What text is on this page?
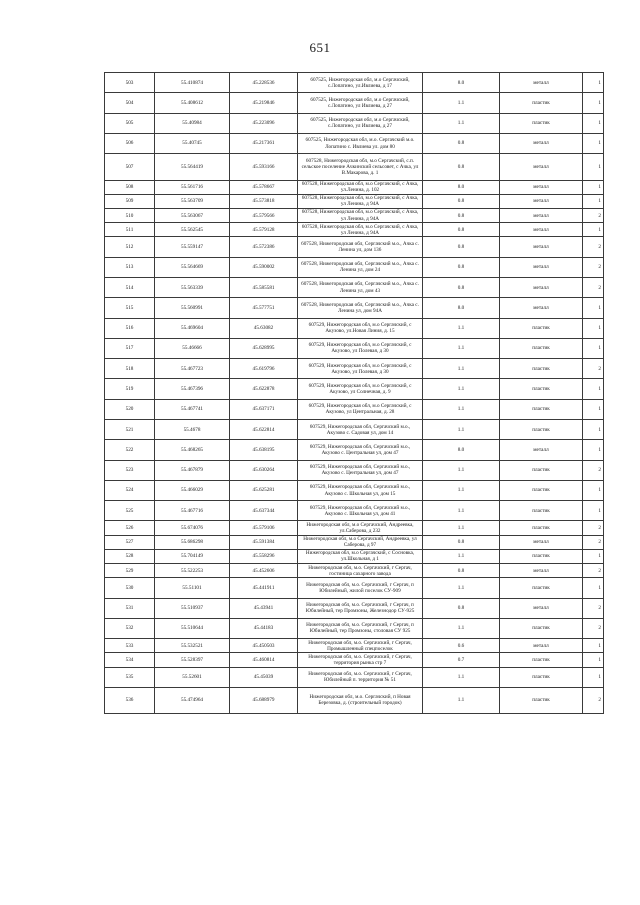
651
503	55.410874	45.228536	607525, Нижегородская обл, м.о Сергачский, с.Лопатино, ул.Ивлиева, д 17	8.0	металл	1
504	55.408612	45.219846	607525, Нижегородская обл, м.о Сергачский, с.Лопатино, ул Ивлиева, д 27	1.1	пластик	1
505	55.40984	45.223096	607525, Нижегородская обл, м.о Сергачский, с.Лопатино, ул Ивлиева, д 27	1.1	пластик	1
506	55.40745	45.217361	607525, Нижегородская обл, м.о. Сергачский м.о. Лопатино с. Ивлиева ул. дом 80	0.8	металл	1
507	55.564419	45.593166	607528, Нижегородская обл, м.о Сергачский, с.п. сельское поселение Ачкинский сельсовет, с Ачка, ул В.Макарова, д. 1	0.8	металл	1
508	55.561716	45.578667	607528, Нижегородская обл, м.о Сергачский, с Ачка, ул.Ленина, д. 102	8.0	металл	1
509	55.563709	45.573818	607528, Нижегородская обл, м.о Сергачский, с Ачка, ул Ленина, д 94А	0.8	металл	1
510	55.563067	45.579566	607528, Нижегородская обл, м.о Сергачский, с Ачка, ул Ленина, д 94А	0.8	металл	2
511	55.562545	45.579128	607528, Нижегородская обл, м.о Сергачский, с Ачка, ул Ленина, д 94А	0.8	металл	1
512	55.559147	45.572386	607528, Нижегородская обл, Сергачский м.о., Ачка с. Ленина ул, дом 136	0.8	металл	2
513	55.564669	45.590002	607528, Нижегородская обл, Сергачский м.о., Ачка с. Ленина ул, дом 24	0.8	металл	2
514	55.563339	45.585581	607528, Нижегородская обл, Сергачский м.о., Ачка с. Ленина ул, дом 43	0.8	металл	2
515	55.560991	45.577751	607528, Нижегородская обл, Сергачский м.о., Ачка с. Ленина ул, дом 94А	8.0	металл	1
516	55.469604	45.63082	607529, Нижегородская обл, м.о Сергачский, с Акузово, ул.Новая Линия, д. 15	1.1	пластик	1
517	55.46666	45.628995	607529, Нижегородская обл, м.о Сергачский, с Акузово, ул Полевая, д 30	1.1	пластик	1
518	55.467723	45.619796	607529, Нижегородская обл, м.о Сергачский, с Акузово, ул Полевая, д 30	1.1	пластик	2
519	55.467396	45.622878	607529, Нижегородская обл, м.о Сергачский, с Акузово, ул Солнечная, д. 9	1.1	пластик	1
520	55.467741	45.637171	607529, Нижегородская обл, м.о Сергачский, с Акузово, ул Центральная, д. 28	1.1	пластик	1
521	55.4678	45.622814	607529, Нижегородская обл, Сергачский м.о., Акузово с. Садовая ул, дом 14	1.1	пластик	1
522	55.468265	45.638195	607529, Нижегородская обл, Сергачский м.о., Акузово с. Центральная ул, дом 47	8.0	металл	1
523	55.467879	45.630264	607529, Нижегородская обл, Сергачский м.о., Акузово с. Центральная ул, дом 47	1.1	пластик	2
524	55.466029	45.625281	607529, Нижегородская обл, Сергачский м.о., Акузово с. Школьная ул, дом 15	1.1	пластик	1
525	55.467716	45.637344	607529, Нижегородская обл, Сергачский м.о., Акузово с. Школьная ул, дом 41	1.1	пластик	1
526	55.674076	45.579106	Нижегородская обл, м.о Сергачский, Андреевка, ул.Саберова, д 232	1.1	пластик	2
527	55.686298	45.591384	Нижегородская обл, м.о Сергачский, Андреевка, ул Саберова, д 97	0.8	металл	2
528	55.704149	45.558296	Нижегородская обл, м.о Сергачский, с Сосновка, ул.Школьная, д 1	1.1	пластик	1
529	55.522253	45.452606	Нижегородская обл, м.о. Сергачский, г Сергач, гостиница сахарного завода	0.8	металл	2
530	55.51101	45.441911	Нижегородская обл, м.о. Сергачский, г Сергач, п Юбилейный, жилой поселок СУ-909	1.1	пластик	1
531	55.510937	45.43941	Нижегородская обл, м.о. Сергачский, г Сергач, п Юбилейный, тер Промзоны, Железнодор СУ-925	0.8	металл	2
532	55.510644	45.44183	Нижегородская обл, м.о. Сергачский, г Сергач, п Юбилейный, тер Промзоны, столовая СУ 925	1.1	пластик	2
533	55.532521	45.450503	Нижегородская обл, м.о. Сергачский, г Сергач, Промышленный спецпоселок	0.6	металл	1
534	55.528397	45.460814	Нижегородская обл, м.о. Сергачский, г Сергач, территория рынка стр 7	0.7	пластик	1
535	55.52601	45.45039	Нижегородская обл, м.о. Сергачский, г Сергач, Юбилейный п. территория № 51	1.1	пластик	1
536	55.474964	45.688979	Нижегородская обл, м.о. Сергачский, п Новая Березовка, д. (строительный городок)	1.1	пластик	2
